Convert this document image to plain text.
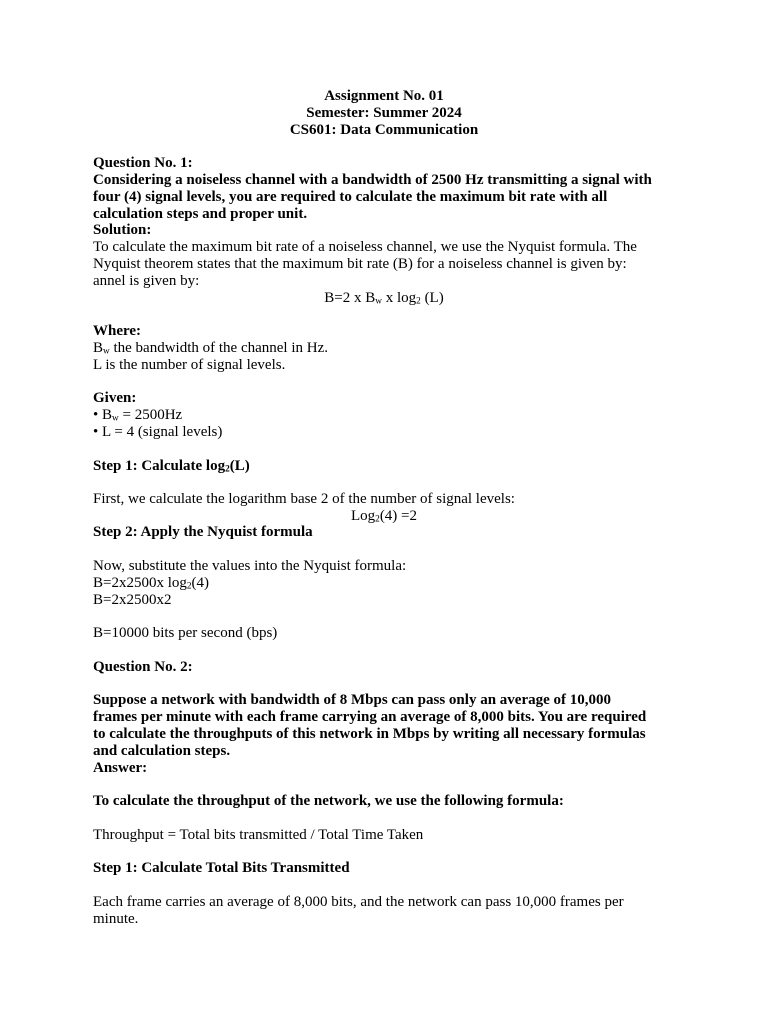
Assignment No. 01

Semester: Summer 2024

CS601: Data Communication

Question No. 1:

Considering a noiseless channel with a bandwidth of 2500 Hz transmitting a signal with

four (4) signal levels, you are required to calculate the maximum bit rate with all

calculation steps and proper unit.

Solution:

To calculate the maximum bit rate of a noiseless channel, we use the Nyquist formula. The

Nyquist theorem states that the maximum bit rate (B) for a noiseless channel is given by:

annel is given by:

B=2 x $B_w$ x $\log_2 (L)$

Where:

$B_w$ the bandwidth of the channel in Hz.

L is the number of signal levels.

Given:

• $B_w = 2500Hz$

• L = 4 (signal levels)

Step 1: Calculate $\log_2(L)$

First, we calculate the logarithm base 2 of the number of signal levels:

Log$_2$(4) =2

Step 2: Apply the Nyquist formula

Now, substitute the values into the Nyquist formula:

B=2x2500x $\log_2(4)$

B=2x2500x2

B=10000 bits per second (bps)

Question No. 2:

Suppose a network with bandwidth of 8 Mbps can pass only an average of 10,000

frames per minute with each frame carrying an average of 8,000 bits. You are required

to calculate the throughputs of this network in Mbps by writing all necessary formulas

and calculation steps.

Answer:

To calculate the throughput of the network, we use the following formula:

Throughput = Total bits transmitted / Total Time Taken

Step 1: Calculate Total Bits Transmitted

Each frame carries an average of 8,000 bits, and the network can pass 10,000 frames per

minute.
